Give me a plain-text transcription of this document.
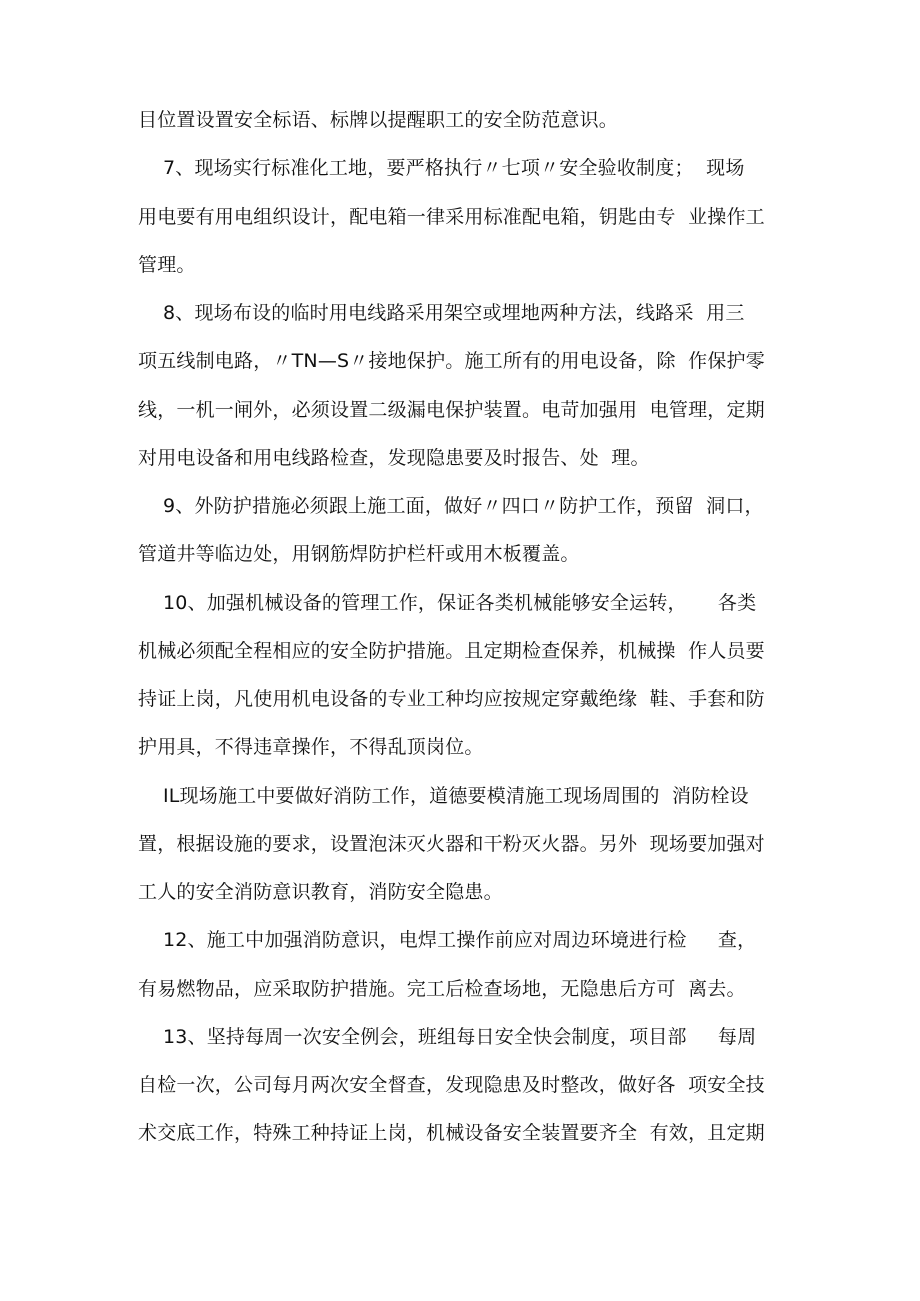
目位置设置安全标语、标牌以提醒职工的安全防范意识。
7、现场实行标准化工地，要严格执行〃七项〃安全验收制度；  现场
用电要有用电组织设计，配电箱一律采用标准配电箱，钥匙由专  业操作工
管理。
8、现场布设的临时用电线路采用架空或埋地两种方法，线路采  用三
项五线制电路，〃TN—S〃接地保护。施工所有的用电设备，除  作保护零
线，一机一闸外，必须设置二级漏电保护装置。电苛加强用  电管理，定期
对用电设备和用电线路检查，发现隐患要及时报告、处  理。
9、外防护措施必须跟上施工面，做好〃四口〃防护工作，预留  洞口，
管道井等临边处，用钢筋焊防护栏杆或用木板覆盖。
10、加强机械设备的管理工作，保证各类机械能够安全运转，     各类
机械必须配全程相应的安全防护措施。且定期检查保养，机械操  作人员要
持证上岗，凡使用机电设备的专业工种均应按规定穿戴绝缘  鞋、手套和防
护用具，不得违章操作，不得乱顶岗位。
IL现场施工中要做好消防工作，道德要模清施工现场周围的  消防栓设
置，根据设施的要求，设置泡沫灭火器和干粉灭火器。另外  现场要加强对
工人的安全消防意识教育，消防安全隐患。
12、施工中加强消防意识，电焊工操作前应对周边环境进行检     查，
有易燃物品，应采取防护措施。完工后检查场地，无隐患后方可  离去。
13、坚持每周一次安全例会，班组每日安全快会制度，项目部     每周
自检一次，公司每月两次安全督查，发现隐患及时整改，做好各  项安全技
术交底工作，特殊工种持证上岗，机械设备安全装置要齐全  有效，且定期
